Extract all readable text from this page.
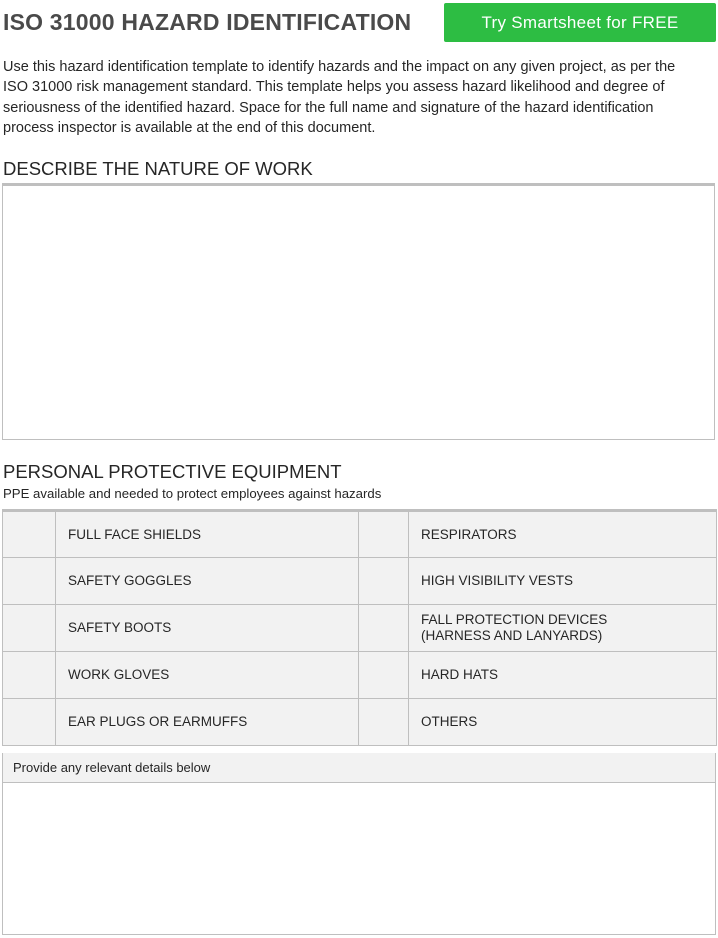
ISO 31000 HAZARD IDENTIFICATION	Try Smartsheet for FREE

Use this hazard identification template to identify hazards and the impact on any given project, as per the ISO 31000 risk management standard. This template helps you assess hazard likelihood and degree of seriousness of the identified hazard. Space for the full name and signature of the hazard identification process inspector is available at the end of this document.

DESCRIBE THE NATURE OF WORK
PERSONAL PROTECTIVE EQUIPMENT

PPE available and needed to protect employees against hazards

	FULL FACE SHIELDS		RESPIRATORS

	SAFETY GOGGLES		HIGH VISIBILITY VESTS

	SAFETY BOOTS		FALL PROTECTION DEVICES
(HARNESS AND LANYARDS)

	WORK GLOVES		HARD HATS

	EAR PLUGS OR EARMUFFS		OTHERS
Provide any relevant details below
